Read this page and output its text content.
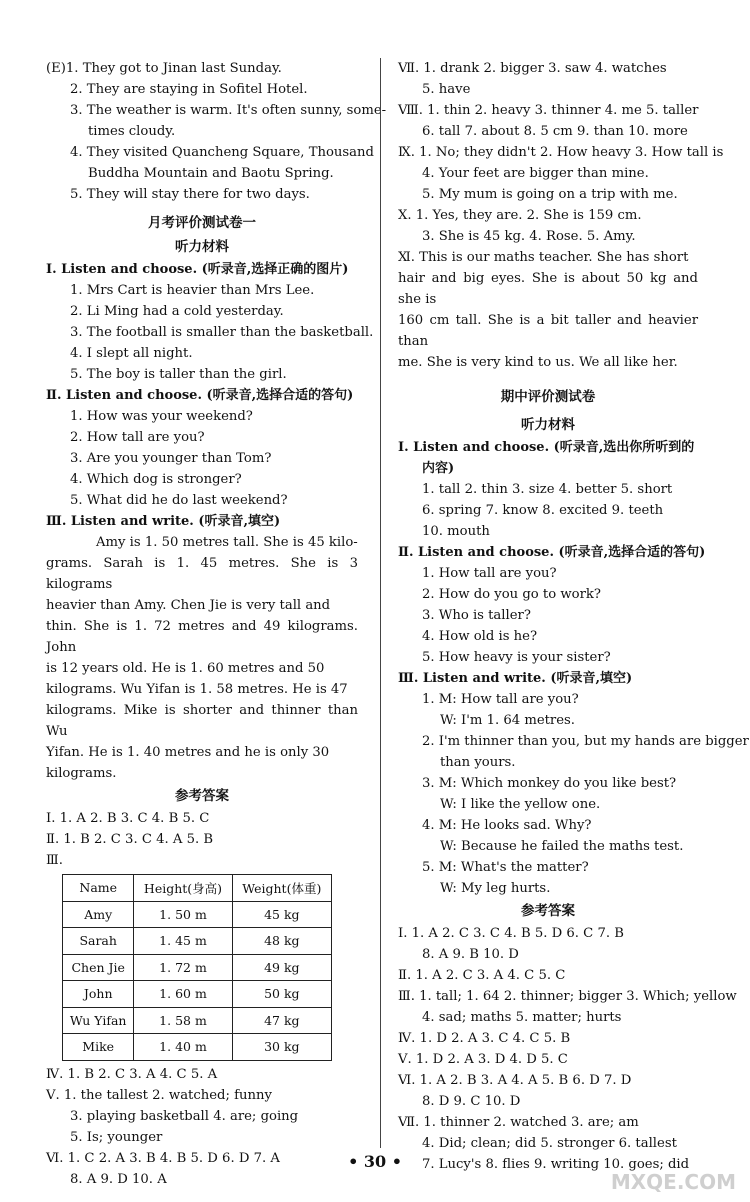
(E)1. They got to Jinan last Sunday.
2. They are staying in Sofitel Hotel.
3. The weather is warm. It's often sunny, some-
times cloudy.
4. They visited Quancheng Square, Thousand
Buddha Mountain and Baotu Spring.
5. They will stay there for two days.
月考评价测试卷一
听力材料
Ⅰ. Listen and choose. (听录音,选择正确的图片)
1. Mrs Cart is heavier than Mrs Lee.
2. Li Ming had a cold yesterday.
3. The football is smaller than the basketball.
4. I slept all night.
5. The boy is taller than the girl.
Ⅱ. Listen and choose. (听录音,选择合适的答句)
1. How was your weekend?
2. How tall are you?
3. Are you younger than Tom?
4. Which dog is stronger?
5. What did he do last weekend?
Ⅲ. Listen and write. (听录音,填空)
Amy is 1. 50 metres tall. She is 45 kilo-
grams. Sarah is 1. 45 metres. She is 3 kilograms
heavier than Amy. Chen Jie is very tall and
thin. She is 1. 72 metres and 49 kilograms. John
is 12 years old. He is 1. 60 metres and 50
kilograms. Wu Yifan is 1. 58 metres. He is 47
kilograms. Mike is shorter and thinner than Wu
Yifan. He is 1. 40 metres and he is only 30
kilograms.
参考答案
Ⅰ. 1. A 2. B 3. C 4. B 5. C
Ⅱ. 1. B 2. C 3. C 4. A 5. B
Ⅲ.
Name	Height(身高)	Weight(体重)
Amy	1. 50 m	45 kg
Sarah	1. 45 m	48 kg
Chen Jie	1. 72 m	49 kg
John	1. 60 m	50 kg
Wu Yifan	1. 58 m	47 kg
Mike	1. 40 m	30 kg
Ⅳ. 1. B 2. C 3. A 4. C 5. A
Ⅴ. 1. the tallest 2. watched; funny
3. playing basketball 4. are; going
5. Is; younger
Ⅵ. 1. C 2. A 3. B 4. B 5. D 6. D 7. A
8. A 9. D 10. A
Ⅶ. 1. drank 2. bigger 3. saw 4. watches
5. have
Ⅷ. 1. thin 2. heavy 3. thinner 4. me 5. taller
6. tall 7. about 8. 5 cm 9. than 10. more
Ⅸ. 1. No; they didn't 2. How heavy 3. How tall is
4. Your feet are bigger than mine.
5. My mum is going on a trip with me.
Ⅹ. 1. Yes, they are. 2. She is 159 cm.
3. She is 45 kg. 4. Rose. 5. Amy.
Ⅺ. This is our maths teacher. She has short
hair and big eyes. She is about 50 kg and she is
160 cm tall. She is a bit taller and heavier than
me. She is very kind to us. We all like her.
期中评价测试卷
听力材料
Ⅰ. Listen and choose. (听录音,选出你所听到的
内容)
1. tall 2. thin 3. size 4. better 5. short
6. spring 7. know 8. excited 9. teeth
10. mouth
Ⅱ. Listen and choose. (听录音,选择合适的答句)
1. How tall are you?
2. How do you go to work?
3. Who is taller?
4. How old is he?
5. How heavy is your sister?
Ⅲ. Listen and write. (听录音,填空)
1. M: How tall are you?
W: I'm 1. 64 metres.
2. I'm thinner than you, but my hands are bigger
than yours.
3. M: Which monkey do you like best?
W: I like the yellow one.
4. M: He looks sad. Why?
W: Because he failed the maths test.
5. M: What's the matter?
W: My leg hurts.
参考答案
Ⅰ. 1. A 2. C 3. C 4. B 5. D 6. C 7. B
8. A 9. B 10. D
Ⅱ. 1. A 2. C 3. A 4. C 5. C
Ⅲ. 1. tall; 1. 64 2. thinner; bigger 3. Which; yellow
4. sad; maths 5. matter; hurts
Ⅳ. 1. D 2. A 3. C 4. C 5. B
Ⅴ. 1. D 2. A 3. D 4. D 5. C
Ⅵ. 1. A 2. B 3. A 4. A 5. B 6. D 7. D
8. D 9. C 10. D
Ⅶ. 1. thinner 2. watched 3. are; am
4. Did; clean; did 5. stronger 6. tallest
7. Lucy's 8. flies 9. writing 10. goes; did
• 30 •
MXQE.COM
